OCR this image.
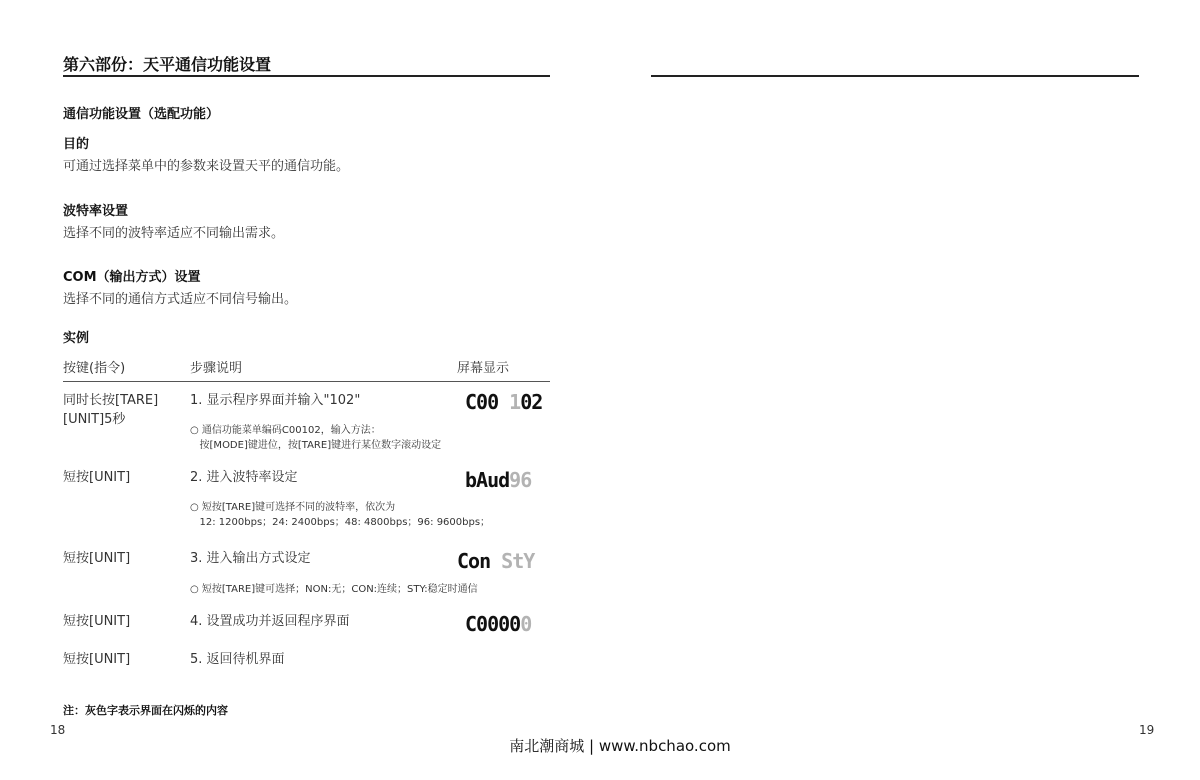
第六部份：天平通信功能设置
通信功能设置（选配功能）
目的
可通过选择菜单中的参数来设置天平的通信功能。
波特率设置
选择不同的波特率适应不同输出需求。
COM（输出方式）设置
选择不同的通信方式适应不同信号输出。
实例
按键(指令)	步骤说明	屏幕显示
同时长按[TARE]
[UNIT]5秒
1. 显示程序界面并输入"102"	C00 102
○ 通信功能菜单编码C00102，输入方法：
按[MODE]键进位，按[TARE]键进行某位数字滚动设定
短按[UNIT]	2. 进入波特率设定	bAud96
○ 短按[TARE]键可选择不同的波特率，依次为
12: 1200bps；24: 2400bps；48: 4800bps；96: 9600bps；
短按[UNIT]	3. 进入输出方式设定	Con StY
○ 短按[TARE]键可选择；NON:无；CON:连续；STY:稳定时通信
短按[UNIT]	4. 设置成功并返回程序界面	C00000
短按[UNIT]	5. 返回待机界面
注：灰色字表示界面在闪烁的内容
18	19
南北潮商城 | www.nbchao.com
